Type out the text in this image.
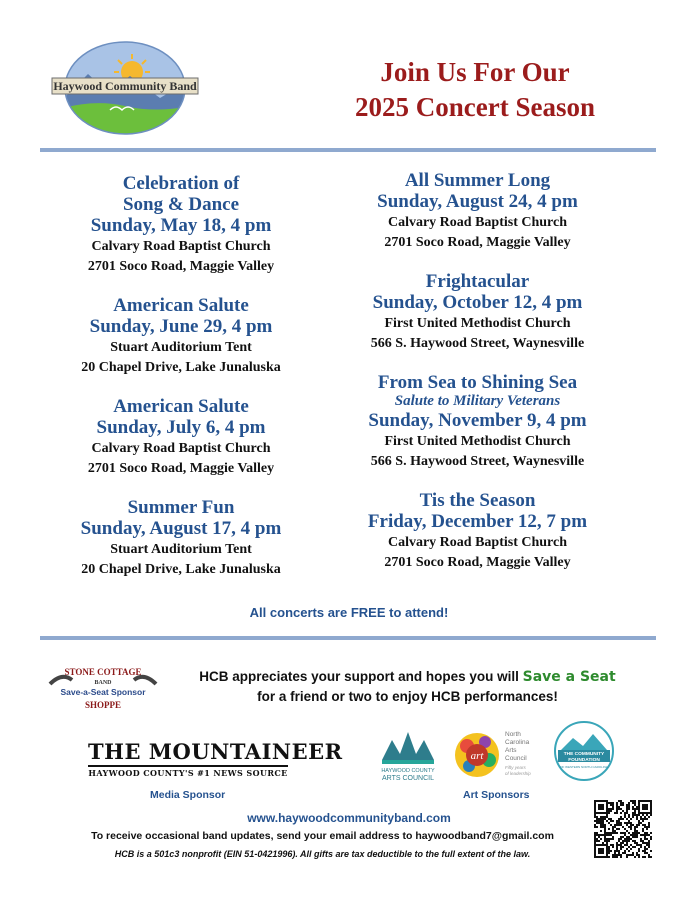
Haywood Community Band	Join Us For Our
2025 Concert Season
Celebration of
Song & Dance
Sunday, May 18, 4 pm
Calvary Road Baptist Church
2701 Soco Road, Maggie Valley
American Salute
Sunday, June 29, 4 pm
Stuart Auditorium Tent
20 Chapel Drive, Lake Junaluska
American Salute
Sunday, July 6, 4 pm
Calvary Road Baptist Church
2701 Soco Road, Maggie Valley
Summer Fun
Sunday, August 17, 4 pm
Stuart Auditorium Tent
20 Chapel Drive, Lake Junaluska
All Summer Long
Sunday, August 24, 4 pm
Calvary Road Baptist Church
2701 Soco Road, Maggie Valley
Frightacular
Sunday, October 12, 4 pm
First United Methodist Church
566 S. Haywood Street, Waynesville
From Sea to Shining Sea
Salute to Military Veterans
Sunday, November 9, 4 pm
First United Methodist Church
566 S. Haywood Street, Waynesville
Tis the Season
Friday, December 12, 7 pm
Calvary Road Baptist Church
2701 Soco Road, Maggie Valley
All concerts are FREE to attend!
STONE COTTAGE
BAND
Save-a-Seat Sponsor
SHOPPE
HCB appreciates your support and hopes you will Save a Seat
for a friend or two to enjoy HCB performances!
THE MOUNTAINEER
HAYWOOD COUNTY'S #1 NEWS SOURCE
Media Sponsor
HAYWOOD COUNTY
ARTS COUNCIL
art
North
Carolina
Arts
Council
Fifty years
of leadership
THE COMMUNITY
FOUNDATION
OF WESTERN NORTH CAROLINA
Art Sponsors
www.haywoodcommunityband.com
To receive occasional band updates, send your email address to haywoodband7@gmail.com
HCB is a 501c3 nonprofit (EIN 51-0421996). All gifts are tax deductible to the full extent of the law.
